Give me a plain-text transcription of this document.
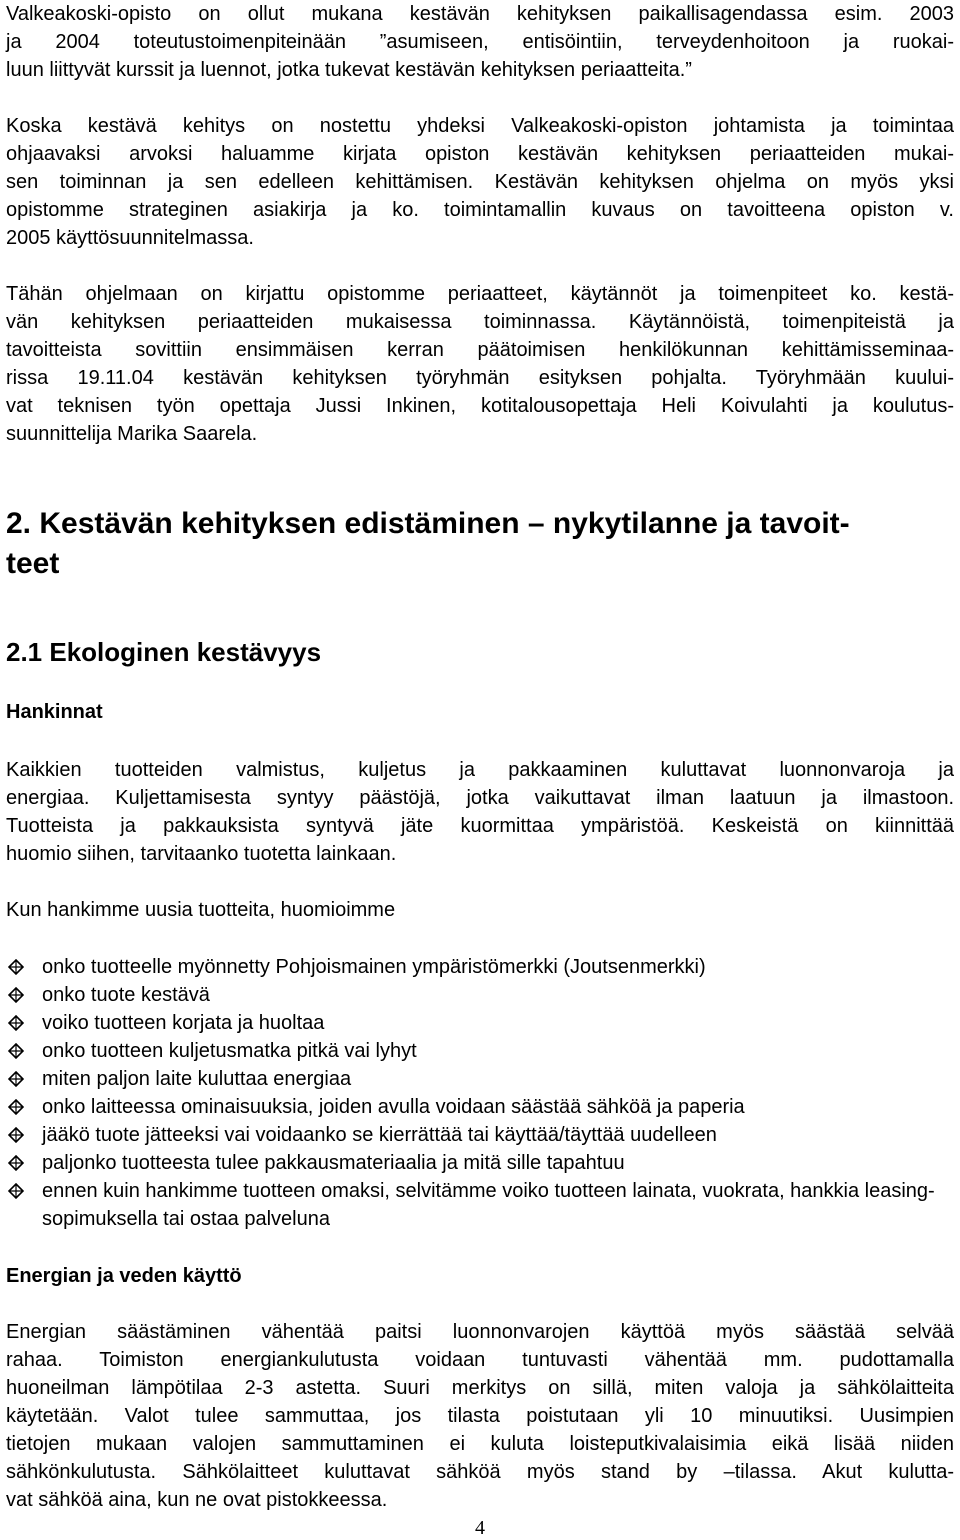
Valkeakoski-opisto on ollut mukana kestävän kehityksen paikallisagendassa esim. 2003
ja 2004 toteutustoimenpiteinään ”asumiseen, entisöintiin, terveydenhoitoon ja ruokai-
luun liittyvät kurssit ja luennot, jotka tukevat kestävän kehityksen periaatteita.”
Koska kestävä kehitys on nostettu yhdeksi Valkeakoski-opiston johtamista ja toimintaa
ohjaavaksi arvoksi haluamme kirjata opiston kestävän kehityksen periaatteiden mukai-
sen toiminnan ja sen edelleen kehittämisen. Kestävän kehityksen ohjelma on myös yksi
opistomme strateginen asiakirja ja ko. toimintamallin kuvaus on tavoitteena opiston v.
2005 käyttösuunnitelmassa.
Tähän ohjelmaan on kirjattu opistomme periaatteet, käytännöt ja toimenpiteet ko. kestä-
vän kehityksen periaatteiden mukaisessa toiminnassa. Käytännöistä, toimenpiteistä ja
tavoitteista sovittiin ensimmäisen kerran päätoimisen henkilökunnan kehittämisseminaa-
rissa 19.11.04 kestävän kehityksen työryhmän esityksen pohjalta. Työryhmään kuului-
vat teknisen työn opettaja Jussi Inkinen, kotitalousopettaja Heli Koivulahti ja koulutus-
suunnittelija Marika Saarela.
2. Kestävän kehityksen edistäminen – nykytilanne ja tavoit-
teet
2.1 Ekologinen kestävyys
Hankinnat
Kaikkien tuotteiden valmistus, kuljetus ja pakkaaminen kuluttavat luonnonvaroja ja
energiaa. Kuljettamisesta syntyy päästöjä, jotka vaikuttavat ilman laatuun ja ilmastoon.
Tuotteista ja pakkauksista syntyvä jäte kuormittaa ympäristöä. Keskeistä on kiinnittää
huomio siihen, tarvitaanko tuotetta lainkaan.
Kun hankimme uusia tuotteita, huomioimme
onko tuotteelle myönnetty Pohjoismainen ympäristömerkki (Joutsenmerkki)
onko tuote kestävä
voiko tuotteen korjata ja huoltaa
onko tuotteen kuljetusmatka pitkä vai lyhyt
miten paljon laite kuluttaa energiaa
onko laitteessa ominaisuuksia, joiden avulla voidaan säästää sähköä ja paperia
jääkö tuote jätteeksi vai voidaanko se kierrättää tai käyttää/täyttää uudelleen
paljonko tuotteesta tulee pakkausmateriaalia ja mitä sille tapahtuu
ennen kuin hankimme tuotteen omaksi, selvitämme voiko tuotteen lainata, vuokrata, hankkia leasing-sopimuksella tai ostaa palveluna
Energian ja veden käyttö
Energian säästäminen vähentää paitsi luonnonvarojen käyttöä myös säästää selvää
rahaa. Toimiston energiankulutusta voidaan tuntuvasti vähentää mm. pudottamalla
huoneilman lämpötilaa 2-3 astetta. Suuri merkitys on sillä, miten valoja ja sähkölaitteita
käytetään. Valot tulee sammuttaa, jos tilasta poistutaan yli 10 minuutiksi. Uusimpien
tietojen mukaan valojen sammuttaminen ei kuluta loisteputkivalaisimia eikä lisää niiden
sähkönkulutusta. Sähkölaitteet kuluttavat sähköä myös stand by –tilassa. Akut kulutta-
vat sähköä aina, kun ne ovat pistokkeessa.
4
